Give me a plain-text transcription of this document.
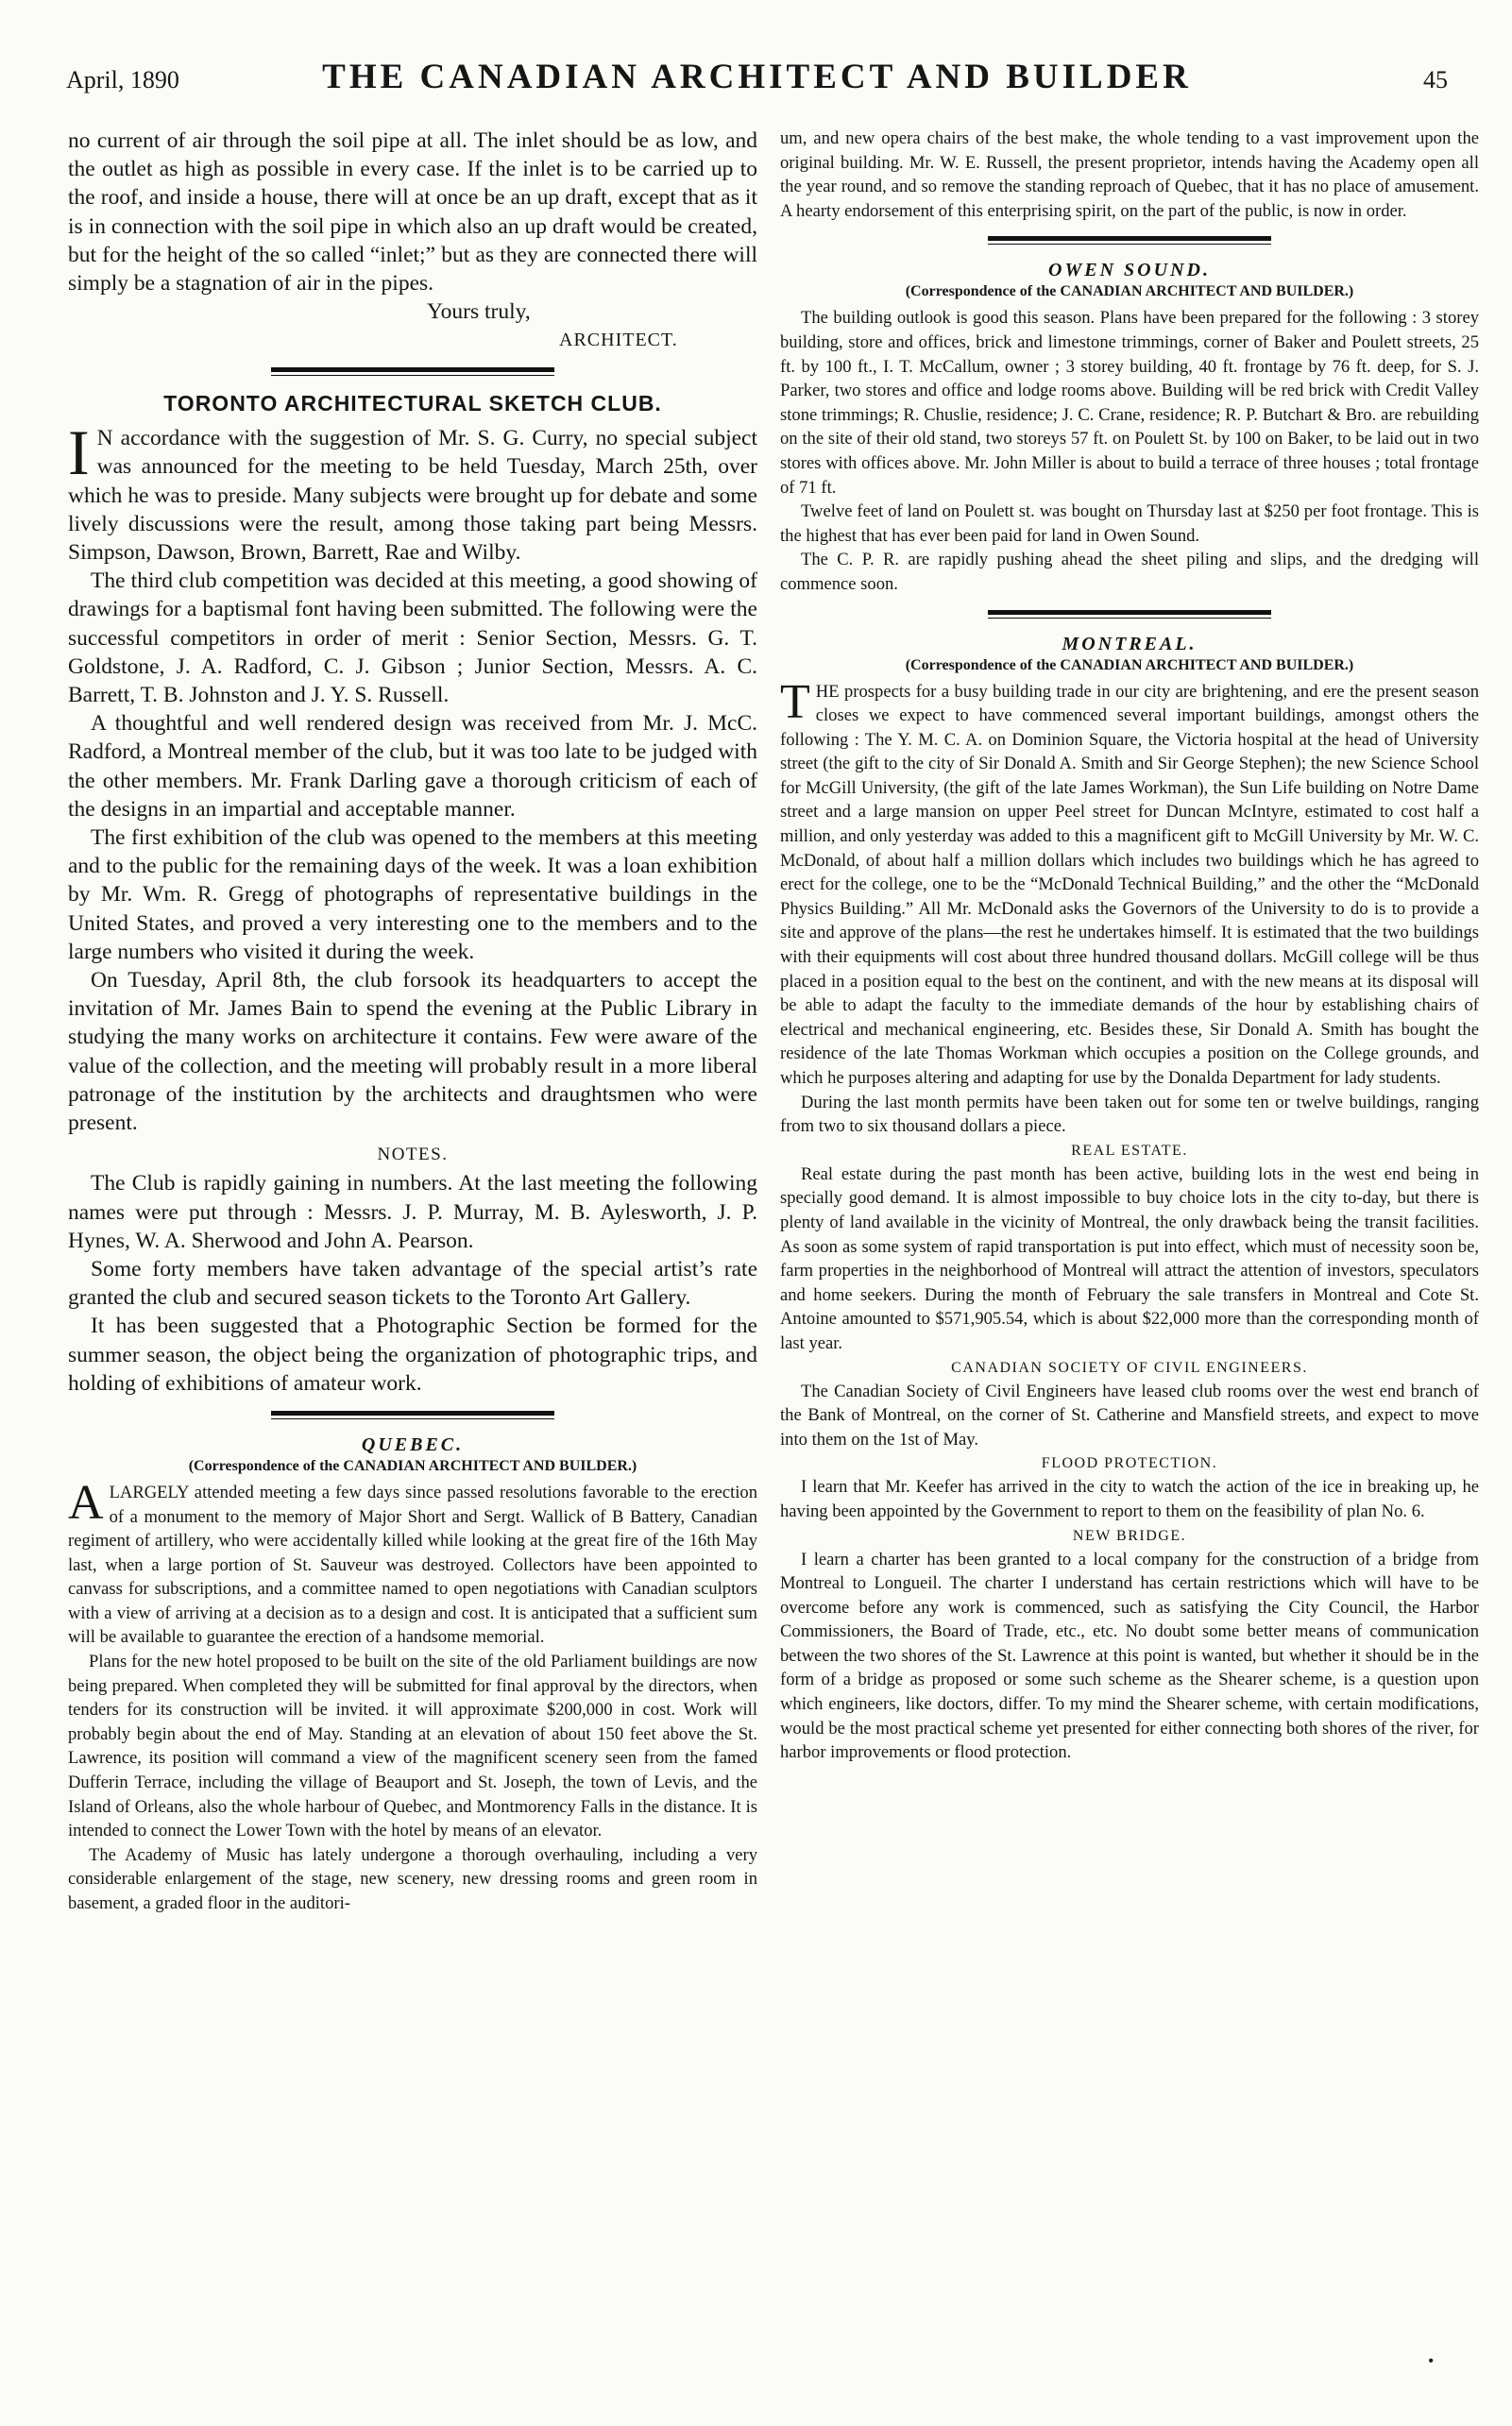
April, 1890	THE CANADIAN ARCHITECT AND BUILDER	45

no current of air through the soil pipe at all. The inlet should be as low, and the outlet as high as possible in every case. If the inlet is to be carried up to the roof, and inside a house, there will at once be an up draft, except that as it is in connection with the soil pipe in which also an up draft would be created, but for the height of the so called “inlet;” but as they are connected there will simply be a stagnation of air in the pipes.

Yours truly,
ARCHITECT.
TORONTO ARCHITECTURAL SKETCH CLUB.

I N accordance with the suggestion of Mr. S. G. Curry, no special subject was announced for the meeting to be held Tuesday, March 25th, over which he was to preside. Many subjects were brought up for debate and some lively discussions were the result, among those taking part being Messrs. Simpson, Dawson, Brown, Barrett, Rae and Wilby.

The third club competition was decided at this meeting, a good showing of drawings for a baptismal font having been submitted. The following were the successful competitors in order of merit : Senior Section, Messrs. G. T. Goldstone, J. A. Radford, C. J. Gibson ; Junior Section, Messrs. A. C. Barrett, T. B. Johnston and J. Y. S. Russell.

A thoughtful and well rendered design was received from Mr. J. McC. Radford, a Montreal member of the club, but it was too late to be judged with the other members. Mr. Frank Darling gave a thorough criticism of each of the designs in an impartial and acceptable manner.

The first exhibition of the club was opened to the members at this meeting and to the public for the remaining days of the week. It was a loan exhibition by Mr. Wm. R. Gregg of photographs of representative buildings in the United States, and proved a very interesting one to the members and to the large numbers who visited it during the week.

On Tuesday, April 8th, the club forsook its headquarters to accept the invitation of Mr. James Bain to spend the evening at the Public Library in studying the many works on architecture it contains. Few were aware of the value of the collection, and the meeting will probably result in a more liberal patronage of the institution by the architects and draughtsmen who were present.

NOTES.

The Club is rapidly gaining in numbers. At the last meeting the following names were put through : Messrs. J. P. Murray, M. B. Aylesworth, J. P. Hynes, W. A. Sherwood and John A. Pearson.

Some forty members have taken advantage of the special artist’s rate granted the club and secured season tickets to the Toronto Art Gallery.

It has been suggested that a Photographic Section be formed for the summer season, the object being the organization of photographic trips, and holding of exhibitions of amateur work.

QUEBEC.
(Correspondence of the CANADIAN ARCHITECT AND BUILDER.)

ALARGELY attended meeting a few days since passed resolutions favorable to the erection of a monument to the memory of Major Short and Sergt. Wallick of B Battery, Canadian regiment of artillery, who were accidentally killed while looking at the great fire of the 16th May last, when a large portion of St. Sauveur was destroyed. Collectors have been appointed to canvass for subscriptions, and a committee named to open negotiations with Canadian sculptors with a view of arriving at a decision as to a design and cost. It is anticipated that a sufficient sum will be available to guarantee the erection of a handsome memorial.

Plans for the new hotel proposed to be built on the site of the old Parliament buildings are now being prepared. When completed they will be submitted for final approval by the directors, when tenders for its construction will be invited. it will approximate $200,000 in cost. Work will probably begin about the end of May. Standing at an elevation of about 150 feet above the St. Lawrence, its position will command a view of the magnificent scenery seen from the famed Dufferin Terrace, including the village of Beauport and St. Joseph, the town of Levis, and the Island of Orleans, also the whole harbour of Quebec, and Montmorency Falls in the distance. It is intended to connect the Lower Town with the hotel by means of an elevator.

The Academy of Music has lately undergone a thorough overhauling, including a very considerable enlargement of the stage, new scenery, new dressing rooms and green room in basement, a graded floor in the auditori-

um, and new opera chairs of the best make, the whole tending to a vast improvement upon the original building. Mr. W. E. Russell, the present proprietor, intends having the Academy open all the year round, and so remove the standing reproach of Quebec, that it has no place of amusement. A hearty endorsement of this enterprising spirit, on the part of the public, is now in order.

OWEN SOUND.
(Correspondence of the CANADIAN ARCHITECT AND BUILDER.)

The building outlook is good this season. Plans have been prepared for the following : 3 storey building, store and offices, brick and limestone trimmings, corner of Baker and Poulett streets, 25 ft. by 100 ft., I. T. McCallum, owner ; 3 storey building, 40 ft. frontage by 76 ft. deep, for S. J. Parker, two stores and office and lodge rooms above. Building will be red brick with Credit Valley stone trimmings; R. Chuslie, residence; J. C. Crane, residence; R. P. Butchart & Bro. are rebuilding on the site of their old stand, two storeys 57 ft. on Poulett St. by 100 on Baker, to be laid out in two stores with offices above. Mr. John Miller is about to build a terrace of three houses ; total frontage of 71 ft.

Twelve feet of land on Poulett st. was bought on Thursday last at $250 per foot frontage. This is the highest that has ever been paid for land in Owen Sound.

The C. P. R. are rapidly pushing ahead the sheet piling and slips, and the dredging will commence soon.

MONTREAL.
(Correspondence of the CANADIAN ARCHITECT AND BUILDER.)

THE prospects for a busy building trade in our city are brightening, and ere the present season closes we expect to have commenced several important buildings, amongst others the following : The Y. M. C. A. on Dominion Square, the Victoria hospital at the head of University street (the gift to the city of Sir Donald A. Smith and Sir George Stephen); the new Science School for McGill University, (the gift of the late James Workman), the Sun Life building on Notre Dame street and a large mansion on upper Peel street for Duncan McIntyre, estimated to cost half a million, and only yesterday was added to this a magnificent gift to McGill University by Mr. W. C. McDonald, of about half a million dollars which includes two buildings which he has agreed to erect for the college, one to be the “McDonald Technical Building,” and the other the “McDonald Physics Building.” All Mr. McDonald asks the Governors of the University to do is to provide a site and approve of the plans—the rest he undertakes himself. It is estimated that the two buildings with their equipments will cost about three hundred thousand dollars. McGill college will be thus placed in a position equal to the best on the continent, and with the new means at its disposal will be able to adapt the faculty to the immediate demands of the hour by establishing chairs of electrical and mechanical engineering, etc. Besides these, Sir Donald A. Smith has bought the residence of the late Thomas Workman which occupies a position on the College grounds, and which he purposes altering and adapting for use by the Donalda Department for lady students.

During the last month permits have been taken out for some ten or twelve buildings, ranging from two to six thousand dollars a piece.

REAL ESTATE.

Real estate during the past month has been active, building lots in the west end being in specially good demand. It is almost impossible to buy choice lots in the city to-day, but there is plenty of land available in the vicinity of Montreal, the only drawback being the transit facilities. As soon as some system of rapid transportation is put into effect, which must of necessity soon be, farm properties in the neighborhood of Montreal will attract the attention of investors, speculators and home seekers. During the month of February the sale transfers in Montreal and Cote St. Antoine amounted to $571,905.54, which is about $22,000 more than the corresponding month of last year.

CANADIAN SOCIETY OF CIVIL ENGINEERS.

The Canadian Society of Civil Engineers have leased club rooms over the west end branch of the Bank of Montreal, on the corner of St. Catherine and Mansfield streets, and expect to move into them on the 1st of May.

FLOOD PROTECTION.

I learn that Mr. Keefer has arrived in the city to watch the action of the ice in breaking up, he having been appointed by the Government to report to them on the feasibility of plan No. 6.

NEW BRIDGE.

I learn a charter has been granted to a local company for the construction of a bridge from Montreal to Longueil. The charter I understand has certain restrictions which will have to be overcome before any work is commenced, such as satisfying the City Council, the Harbor Commissioners, the Board of Trade, etc., etc. No doubt some better means of communication between the two shores of the St. Lawrence at this point is wanted, but whether it should be in the form of a bridge as proposed or some such scheme as the Shearer scheme, is a question upon which engineers, like doctors, differ. To my mind the Shearer scheme, with certain modifications, would be the most practical scheme yet presented for either connecting both shores of the river, for harbor improvements or flood protection.

•
